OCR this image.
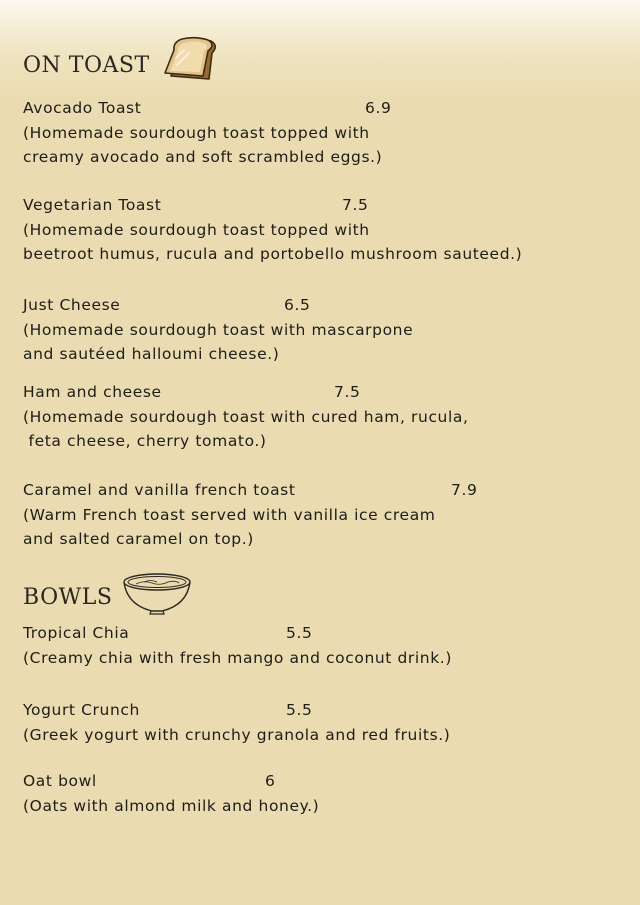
ON TOAST
Avocado Toast	6.9
(Homemade sourdough toast topped with
creamy avocado and soft scrambled eggs.)
Vegetarian Toast	7.5
(Homemade sourdough toast topped with
beetroot humus, rucula and portobello mushroom sauteed.)
Just Cheese	6.5
(Homemade sourdough toast with mascarpone
and sautéed halloumi cheese.)
Ham and cheese	7.5
(Homemade sourdough toast with cured ham, rucula,
feta cheese, cherry tomato.)
Caramel and vanilla french toast	7.9
(Warm French toast served with vanilla ice cream
and salted caramel on top.)
BOWLS
Tropical Chia	5.5
(Creamy chia with fresh mango and coconut drink.)
Yogurt Crunch	5.5
(Greek yogurt with crunchy granola and red fruits.)
Oat bowl	6
(Oats with almond milk and honey.)
